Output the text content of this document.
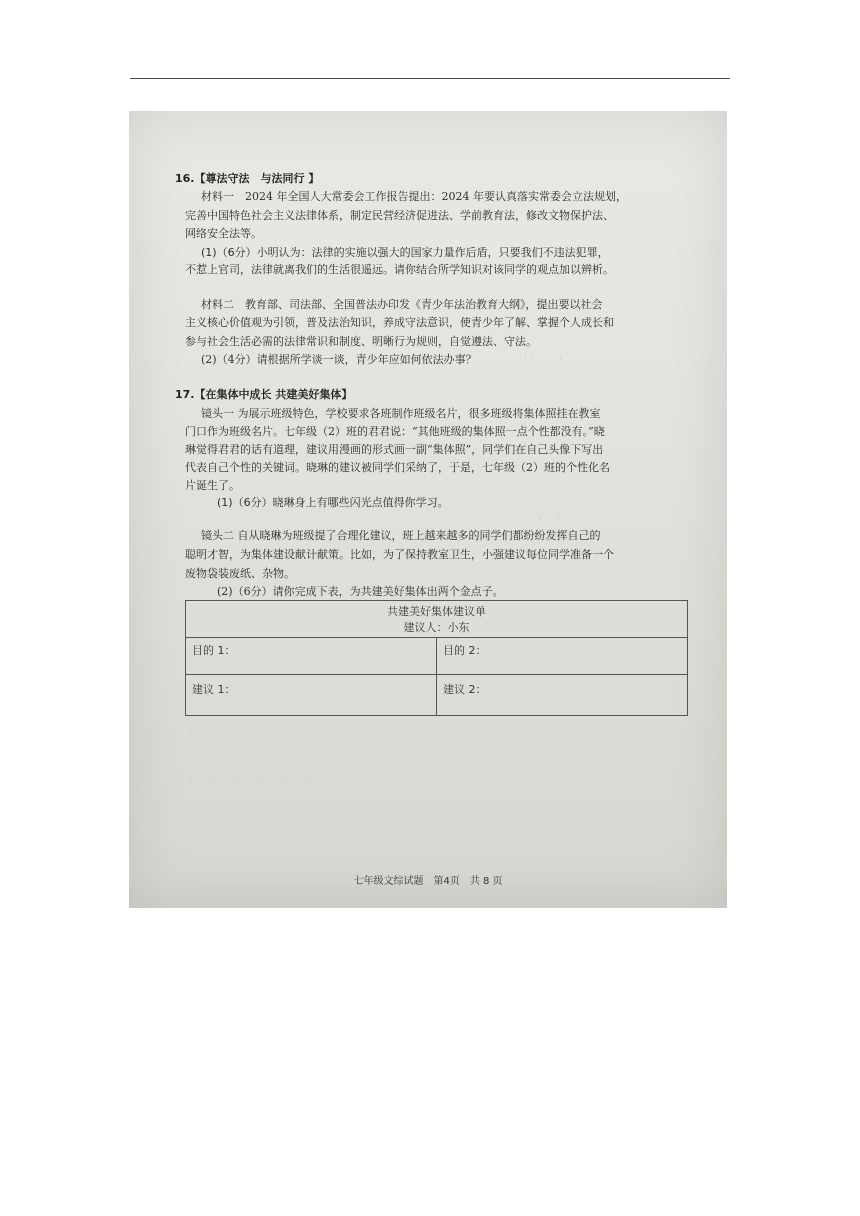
· ·　　 ·
·　 ·
·　　·　　·　　·　　·
·　　·　　·　　·　　·　　·
·　　·　　·　　·　　·

16.【尊法守法　与法同行 】

材料一　2024 年全国人大常委会工作报告提出：2024 年要认真落实常委会立法规划，

完善中国特色社会主义法律体系，制定民营经济促进法、学前教育法，修改文物保护法、

网络安全法等。

(1)（6分）小明认为：法律的实施以强大的国家力量作后盾，只要我们不违法犯罪，

不惹上官司，法律就离我们的生活很遥远。请你结合所学知识对该同学的观点加以辨析。

材料二　教育部、司法部、全国普法办印发《青少年法治教育大纲》，提出要以社会

主义核心价值观为引领，普及法治知识，养成守法意识，使青少年了解、掌握个人成长和

参与社会生活必需的法律常识和制度、明晰行为规则，自觉遵法、守法。

(2)（4分）请根据所学谈一谈，青少年应如何依法办事？

17.【在集体中成长 共建美好集体】

镜头一 为展示班级特色，学校要求各班制作班级名片，很多班级将集体照挂在教室

门口作为班级名片。七年级（2）班的君君说：“其他班级的集体照一点个性都没有。”晓

琳觉得君君的话有道理，建议用漫画的形式画一副“集体照”，同学们在自己头像下写出

代表自己个性的关键词。晓琳的建议被同学们采纳了，于是，七年级（2）班的个性化名

片诞生了。

(1)（6分）晓琳身上有哪些闪光点值得你学习。

镜头二 自从晓琳为班级提了合理化建议，班上越来越多的同学们都纷纷发挥自己的

聪明才智，为集体建设献计献策。比如，为了保持教室卫生，小强建议每位同学准备一个

废物袋装废纸、杂物。

(2)（6分）请你完成下表，为共建美好集体出两个金点子。

共建美好集体建议单	
建议人：小东	
目的 1：	目的 2：
建议 1：	建议 2：
七年级文综试题　第4页　共 8 页
